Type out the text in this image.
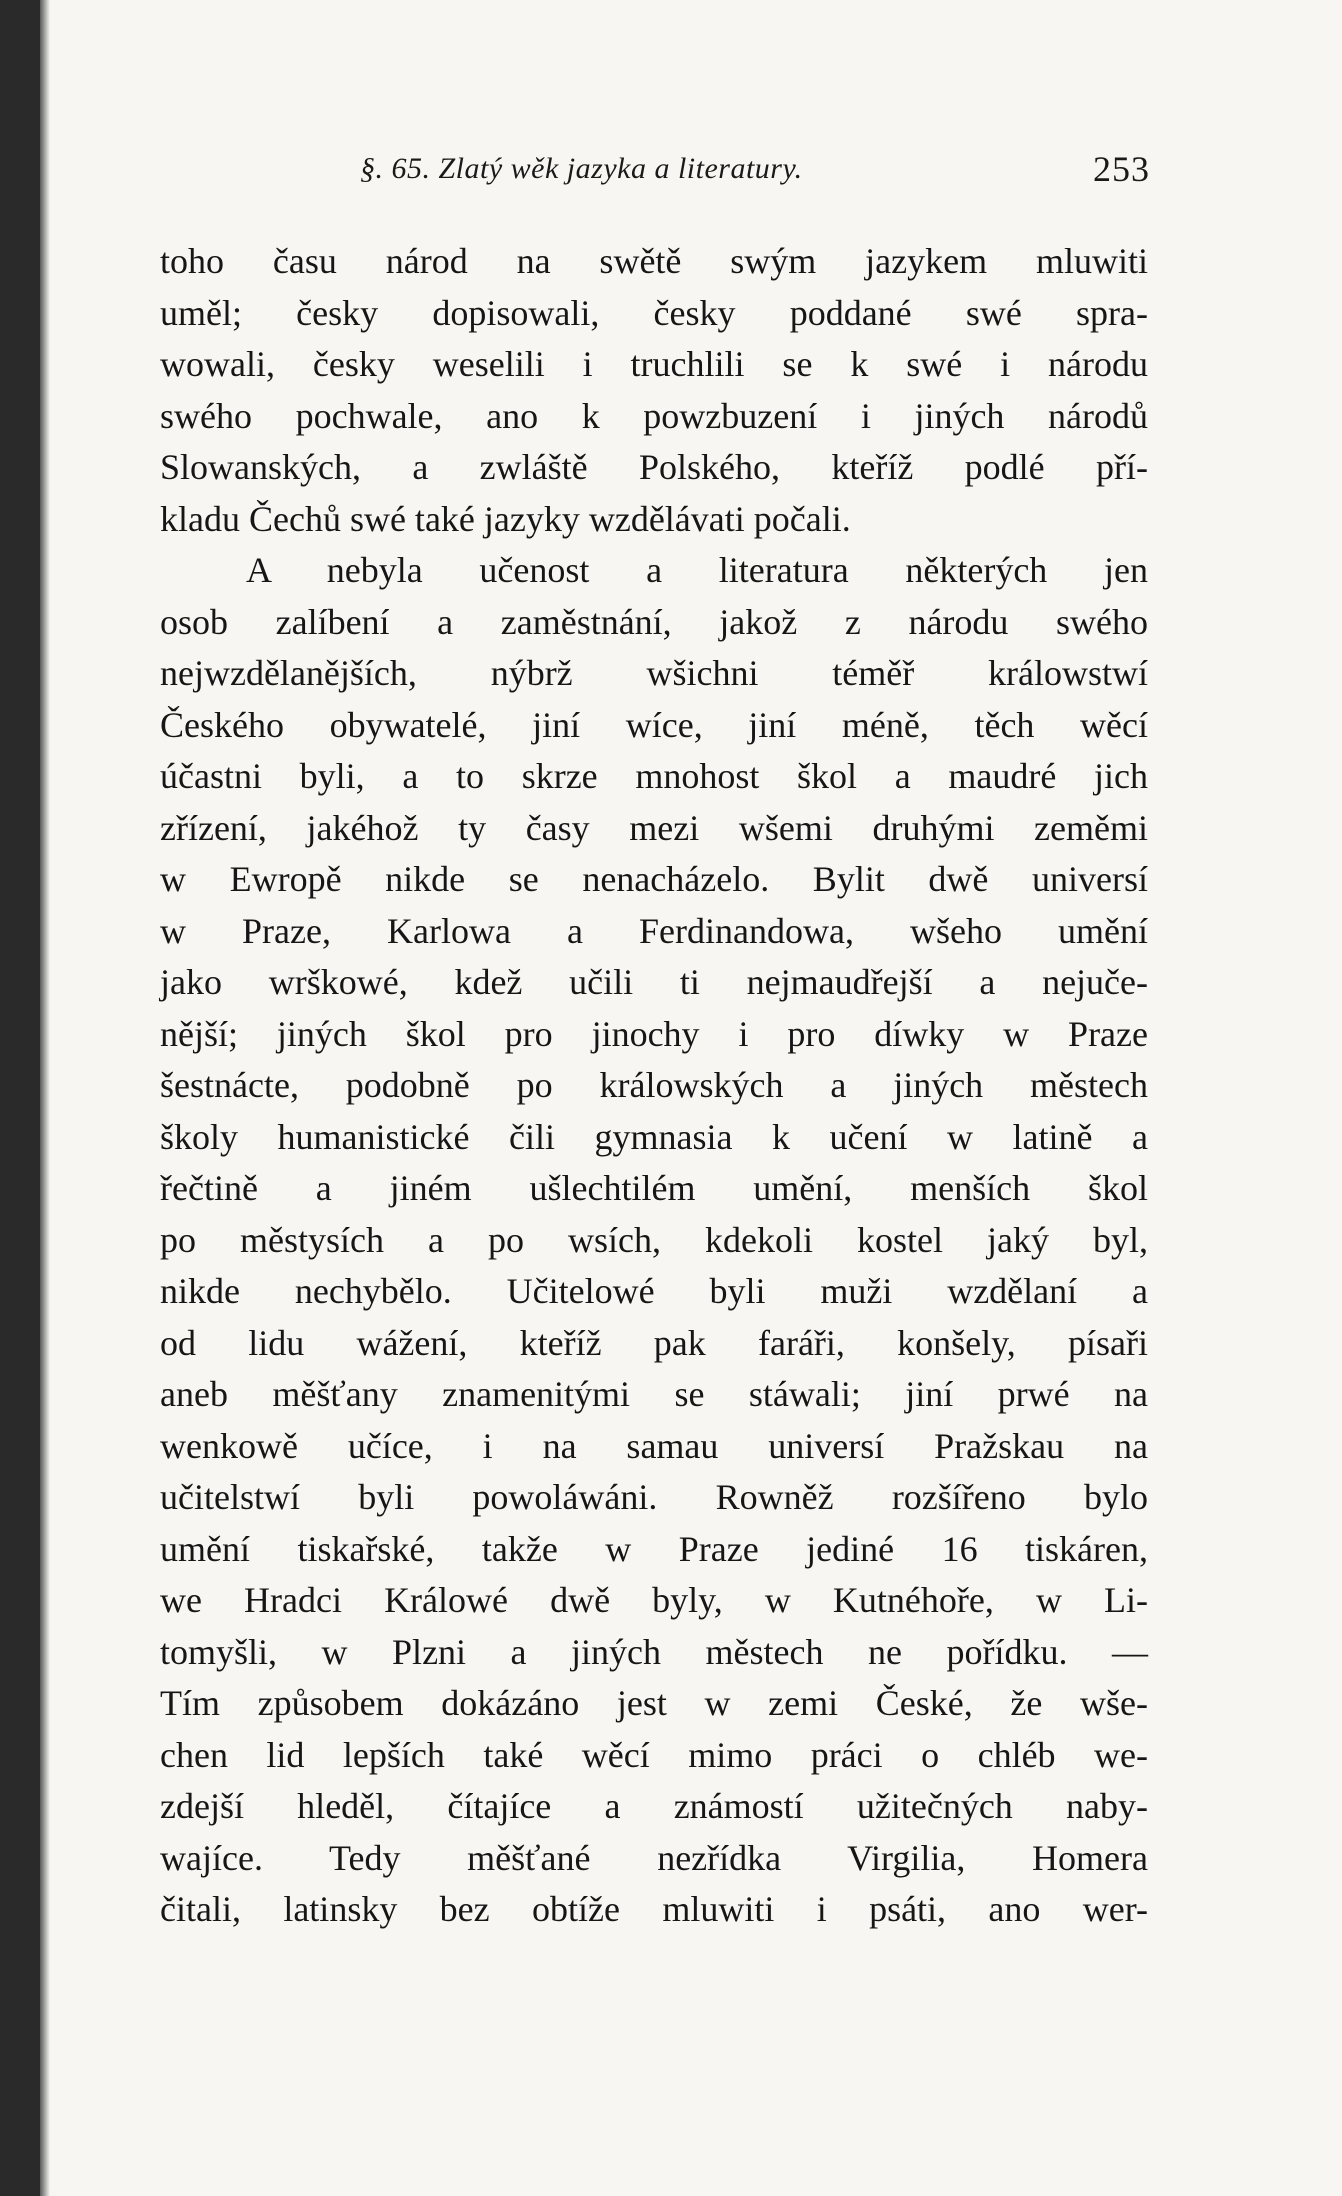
§. 65. Zlatý wěk jazyka a literatury.	253
toho času národ na swětě swým jazykem mluwiti
uměl; česky dopisowali, česky poddané swé spra-
wowali, česky weselili i truchlili se k swé i národu
swého pochwale, ano k powzbuzení i jiných národů
Slowanských, a zwláště Polského, kteříž podlé pří-
kladu Čechů swé také jazyky wzdělávati počali.
A nebyla učenost a literatura některých jen
osob zalíbení a zaměstnání, jakož z národu swého
nejwzdělanějších, nýbrž wšichni téměř králowstwí
Českého obywatelé, jiní wíce, jiní méně, těch wěcí
účastni byli, a to skrze mnohost škol a maudré jich
zřízení, jakéhož ty časy mezi wšemi druhými zeměmi
w Ewropě nikde se nenacházelo. Bylit dwě universí
w Praze, Karlowa a Ferdinandowa, wšeho umění
jako wrškowé, kdež učili ti nejmaudřejší a nejuče-
nější; jiných škol pro jinochy i pro díwky w Praze
šestnácte, podobně po králowských a jiných městech
školy humanistické čili gymnasia k učení w latině a
řečtině a jiném ušlechtilém umění, menších škol
po městysích a po wsích, kdekoli kostel jaký byl,
nikde nechybělo. Učitelowé byli muži wzdělaní a
od lidu wážení, kteříž pak faráři, konšely, písaři
aneb měšťany znamenitými se stáwali; jiní prwé na
wenkowě učíce, i na samau universí Pražskau na
učitelstwí byli powoláwáni. Rowněž rozšířeno bylo
umění tiskařské, takže w Praze jediné 16 tiskáren,
we Hradci Králowé dwě byly, w Kutnéhoře, w Li-
tomyšli, w Plzni a jiných městech ne pořídku. —
Tím způsobem dokázáno jest w zemi České, že wše-
chen lid lepších také wěcí mimo práci o chléb we-
zdejší hleděl, čítajíce a známostí užitečných naby-
wajíce. Tedy měšťané nezřídka Virgilia, Homera
čitali, latinsky bez obtíže mluwiti i psáti, ano wer-
